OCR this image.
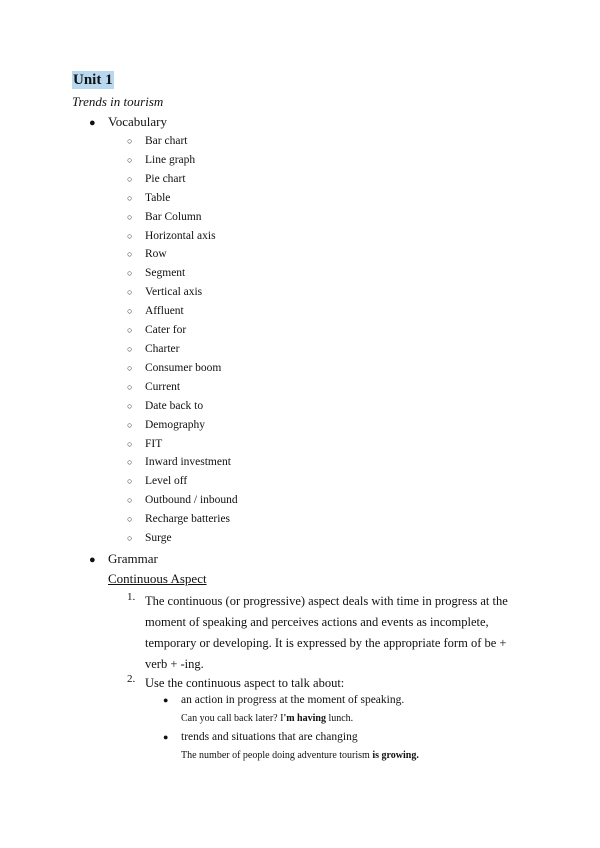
Unit 1
Trends in tourism
● Vocabulary
○ Bar chart
○ Line graph
○ Pie chart
○ Table
○ Bar Column
○ Horizontal axis
○ Row
○ Segment
○ Vertical axis
○ Affluent
○ Cater for
○ Charter
○ Consumer boom
○ Current
○ Date back to
○ Demography
○ FIT
○ Inward investment
○ Level off
○ Outbound / inbound
○ Recharge batteries
○ Surge
● Grammar
Continuous Aspect
1. The continuous (or progressive) aspect deals with time in progress at the moment of speaking and perceives actions and events as incomplete, temporary or developing. It is expressed by the appropriate form of be + verb + -ing.
2. Use the continuous aspect to talk about:
● an action in progress at the moment of speaking.
Can you call back later? I'm having lunch.
● trends and situations that are changing
The number of people doing adventure tourism is growing.
